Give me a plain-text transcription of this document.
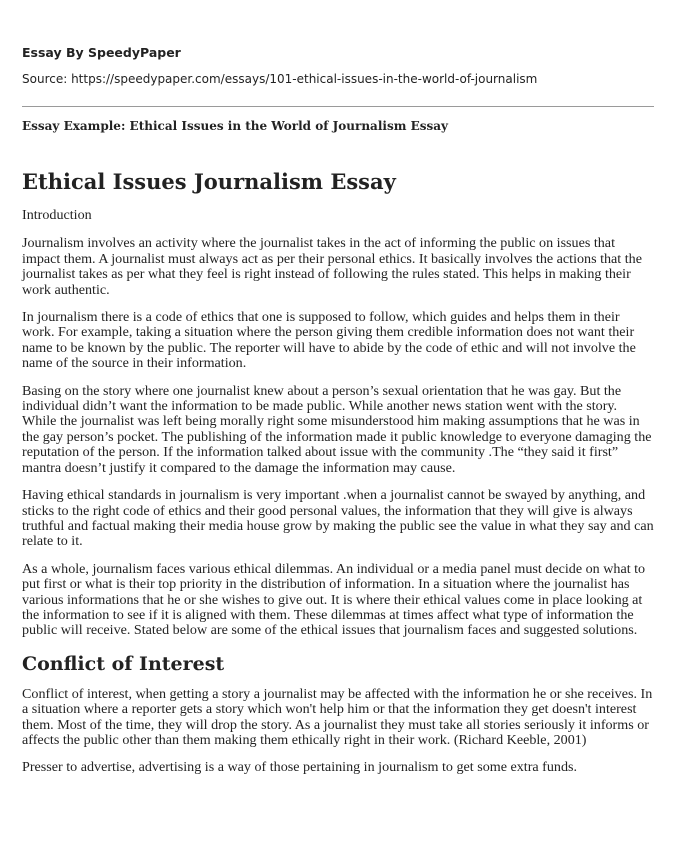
Essay By SpeedyPaper
Source: https://speedypaper.com/essays/101-ethical-issues-in-the-world-of-journalism
Essay Example: Ethical Issues in the World of Journalism Essay
Ethical Issues Journalism Essay

Introduction

Journalism involves an activity where the journalist takes in the act of informing the public on issues that impact them. A journalist must always act as per their personal ethics. It basically involves the actions that the journalist takes as per what they feel is right instead of following the rules stated. This helps in making their work authentic.

In journalism there is a code of ethics that one is supposed to follow, which guides and helps them in their work. For example, taking a situation where the person giving them credible information does not want their name to be known by the public. The reporter will have to abide by the code of ethic and will not involve the name of the source in their information.

Basing on the story where one journalist knew about a person’s sexual orientation that he was gay. But the individual didn’t want the information to be made public. While another news station went with the story. While the journalist was left being morally right some misunderstood him making assumptions that he was in the gay person’s pocket. The publishing of the information made it public knowledge to everyone damaging the reputation of the person. If the information talked about issue with the community .The “they said it first” mantra doesn’t justify it compared to the damage the information may cause.

Having ethical standards in journalism is very important .when a journalist cannot be swayed by anything, and sticks to the right code of ethics and their good personal values, the information that they will give is always truthful and factual making their media house grow by making the public see the value in what they say and can relate to it.

As a whole, journalism faces various ethical dilemmas. An individual or a media panel must decide on what to put first or what is their top priority in the distribution of information. In a situation where the journalist has various informations that he or she wishes to give out. It is where their ethical values come in place looking at the information to see if it is aligned with them. These dilemmas at times affect what type of information the public will receive. Stated below are some of the ethical issues that journalism faces and suggested solutions.

Conflict of Interest

Conflict of interest, when getting a story a journalist may be affected with the information he or she receives. In a situation where a reporter gets a story which won't help him or that the information they get doesn't interest them. Most of the time, they will drop the story. As a journalist they must take all stories seriously it informs or affects the public other than them making them ethically right in their work. (Richard Keeble, 2001)

Presser to advertise, advertising is a way of those pertaining in journalism to get some extra funds.
